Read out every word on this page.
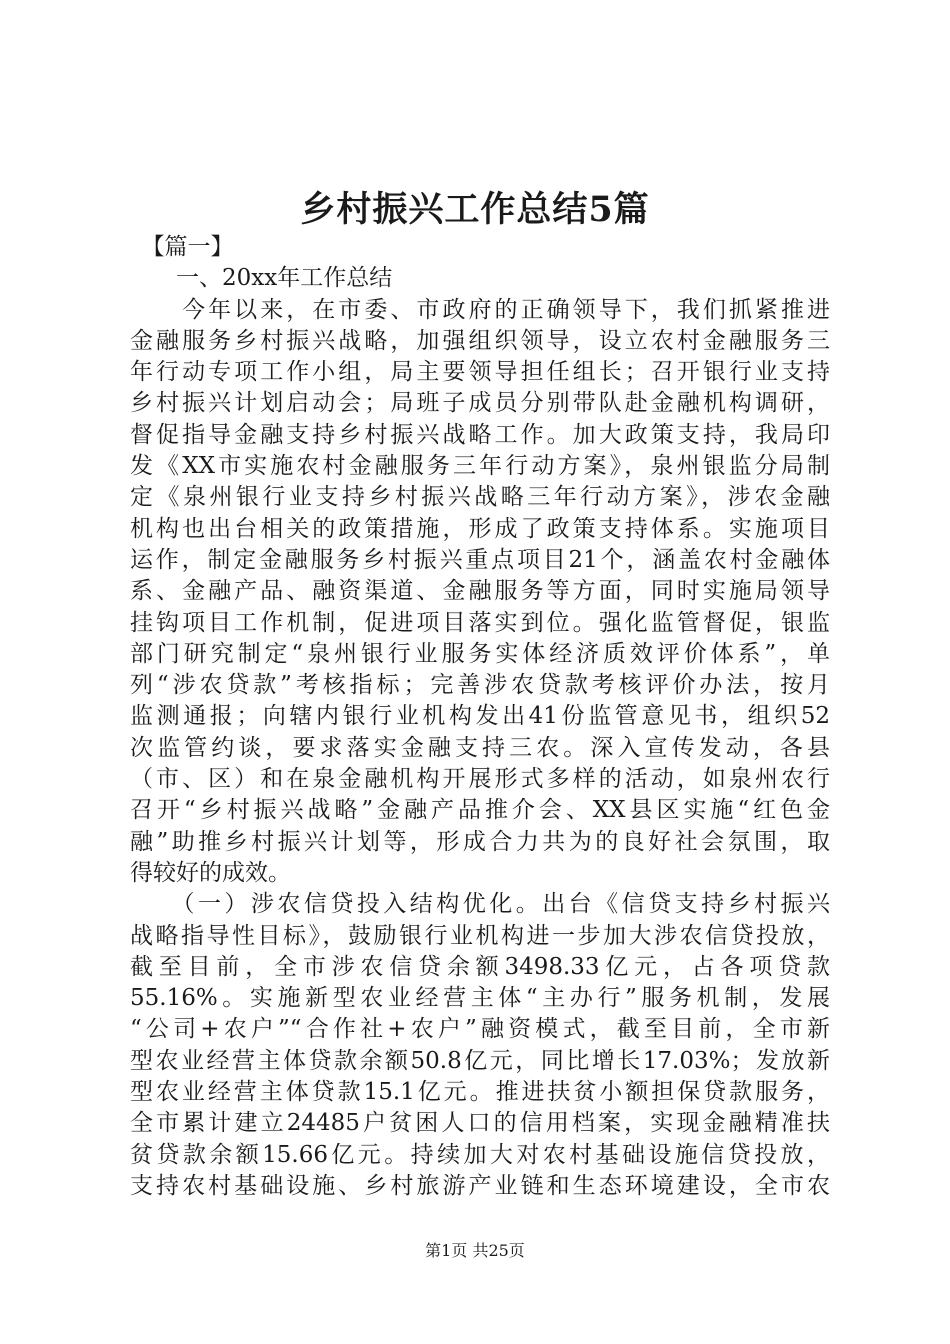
乡村振兴工作总结5篇
　【篇一】
　　一、20xx年工作总结
　　今年以来，在市委、市政府的正确领导下，我们抓紧推进
金融服务乡村振兴战略，加强组织领导，设立农村金融服务三
年行动专项工作小组，局主要领导担任组长；召开银行业支持
乡村振兴计划启动会；局班子成员分别带队赴金融机构调研，
督促指导金融支持乡村振兴战略工作。加大政策支持，我局印
发《XX市实施农村金融服务三年行动方案》，泉州银监分局制
定《泉州银行业支持乡村振兴战略三年行动方案》，涉农金融
机构也出台相关的政策措施，形成了政策支持体系。实施项目
运作，制定金融服务乡村振兴重点项目21个，涵盖农村金融体
系、金融产品、融资渠道、金融服务等方面，同时实施局领导
挂钩项目工作机制，促进项目落实到位。强化监管督促，银监
部门研究制定“泉州银行业服务实体经济质效评价体系”，单
列“涉农贷款”考核指标；完善涉农贷款考核评价办法，按月
监测通报；向辖内银行业机构发出41份监管意见书，组织52
次监管约谈，要求落实金融支持三农。深入宣传发动，各县
（市、区）和在泉金融机构开展形式多样的活动，如泉州农行
召开“乡村振兴战略”金融产品推介会、XX县区实施“红色金
融”助推乡村振兴计划等，形成合力共为的良好社会氛围，取
得较好的成效。
　　（一）涉农信贷投入结构优化。出台《信贷支持乡村振兴
战略指导性目标》，鼓励银行业机构进一步加大涉农信贷投放，
截至目前，全市涉农信贷余额3498.33亿元，占各项贷款
55.16%。实施新型农业经营主体“主办行”服务机制，发展
“公司+农户”“合作社+农户”融资模式，截至目前，全市新
型农业经营主体贷款余额50.8亿元，同比增长17.03%；发放新
型农业经营主体贷款15.1亿元。推进扶贫小额担保贷款服务，
全市累计建立24485户贫困人口的信用档案，实现金融精准扶
贫贷款余额15.66亿元。持续加大对农村基础设施信贷投放，
支持农村基础设施、乡村旅游产业链和生态环境建设，全市农
第1页 共25页
